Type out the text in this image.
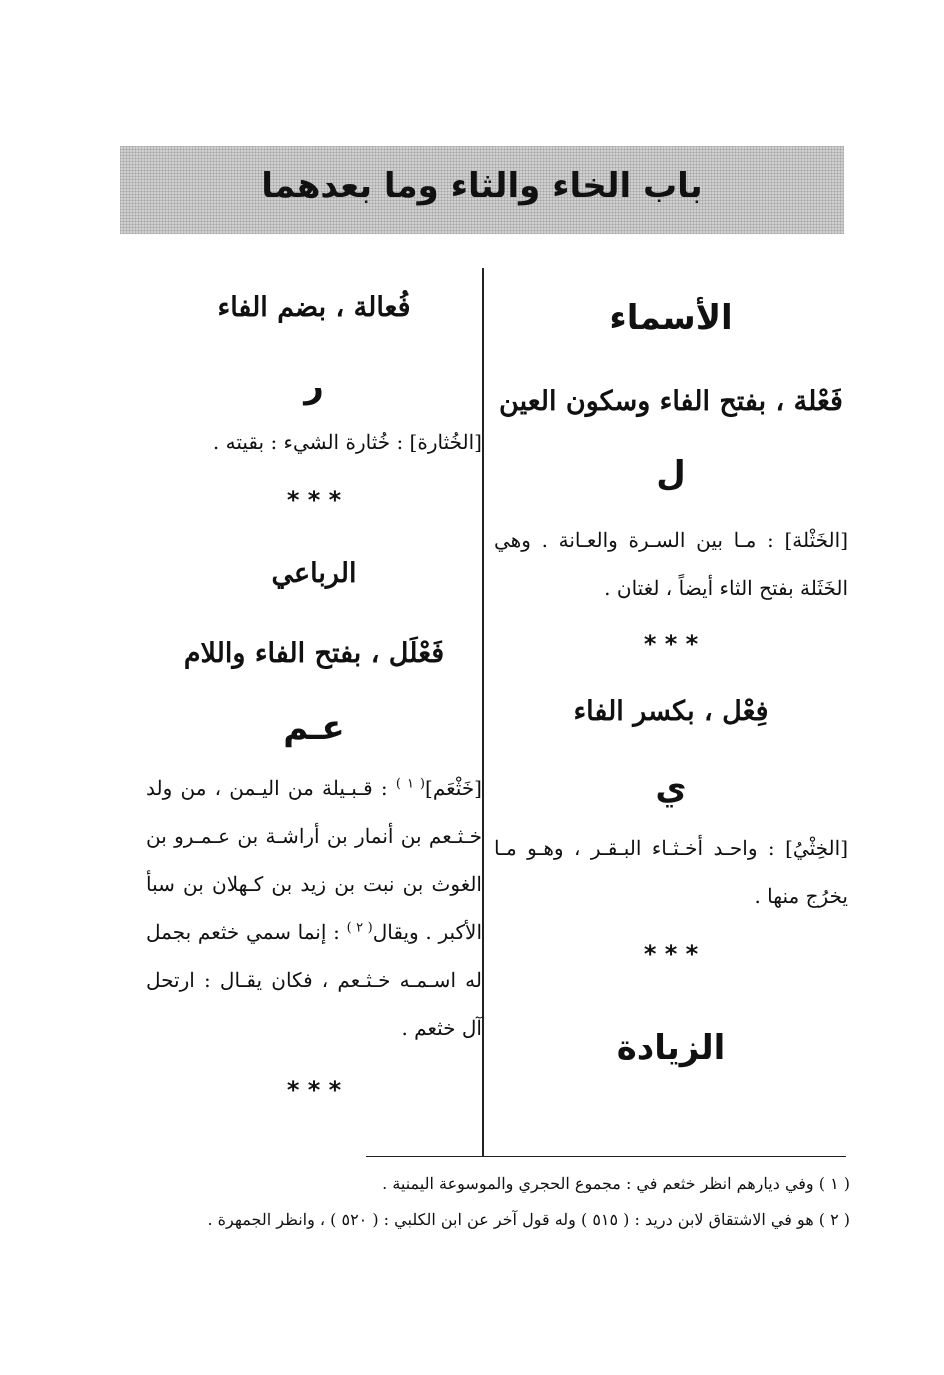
باب الخاء والثاء وما بعدهما
الأسماء
فَعْلة ، بفتح الفاء وسكون العين
ل
[الخَثْلة] : مـا بين السـرة والعـانة . وهي الخَثَلة بفتح الثاء أيضاً ، لغتان .
* * *
فِعْل ، بكسر الفاء
ي
[الخِثْيُ] : واحـد أخـثـاء البـقـر ، وهـو مـا يخرُج منها .
* * *
الزيادة
فُعالة ، بضم الفاء
ر
[الخُثارة] : خُثارة الشيء : بقيته .
* * *
الرباعي
فَعْلَل ، بفتح الفاء واللام
عـم
[خَثْعَم]$^{( ١ )}$ : قـبـيلة من اليـمن ، من ولد خـثـعم بن أنمار بن أراشـة بن عـمـرو بن الغوث بن نبت بن زيد بن كـهلان بن سبأ الأكبر . ويقال$^{( ٢ )}$ : إنما سمي خثعم بجمل له اسـمـه خـثـعم ، فكان يقـال : ارتحل آل خثعم .
* * *

( ١ ) وفي ديارهم انظر خثعم في : مجموع الحجري والموسوعة اليمنية .

( ٢ ) هو في الاشتقاق لابن دريد : ( ٥١٥ ) وله قول آخر عن ابن الكلبي : ( ٥٢٠ ) ، وانظر الجمهرة .
